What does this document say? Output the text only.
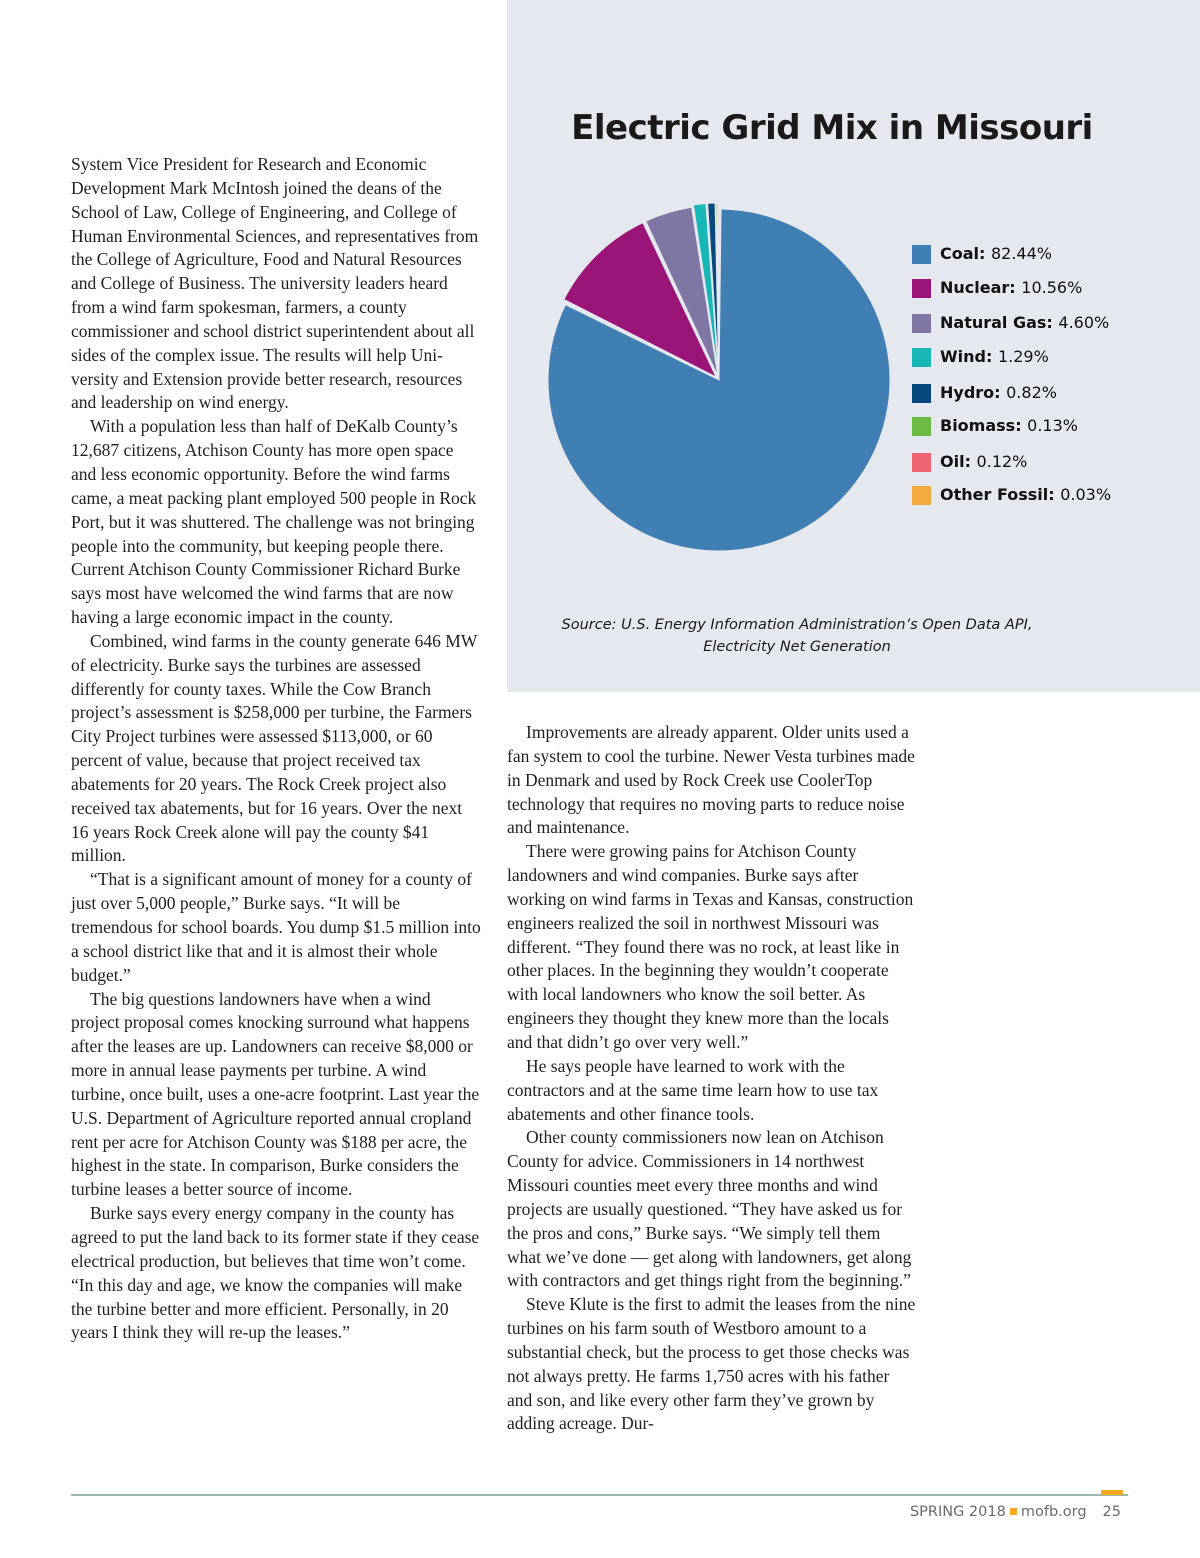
Electric Grid Mix in Missouri
Coal: 82.44%
Nuclear: 10.56%
Natural Gas: 4.60%
Wind: 1.29%
Hydro: 0.82%
Biomass: 0.13%
Oil: 0.12%
Other Fossil: 0.03%
Source: U.S. Energy Information Administration’s Open Data API,
Electricity Net Generation

System Vice President for Research and Economic Development Mark McIntosh joined the deans of the School of Law, College of Engineering, and College of Human Environmental Sciences, and representatives from the College of Agriculture, Food and Natural Resources and College of Business. The university leaders heard from a wind farm spokesman, farmers, a county commissioner and school district superintendent about all sides of the complex issue. The results will help University and Extension provide better research, resources and leadership on wind energy.

With a population less than half of DeKalb County’s 12,687 citizens, Atchison County has more open space and less economic opportunity. Before the wind farms came, a meat packing plant employed 500 people in Rock Port, but it was shuttered. The challenge was not bringing people into the community, but keeping people there. Current Atchison County Commissioner Richard Burke says most have welcomed the wind farms that are now having a large economic impact in the county.

Combined, wind farms in the county generate 646 MW of electricity. Burke says the turbines are assessed differently for county taxes. While the Cow Branch project’s assessment is $258,000 per turbine, the Farmers City Project turbines were assessed $113,000, or 60 percent of value, because that project received tax abatements for 20 years. The Rock Creek project also received tax abatements, but for 16 years. Over the next 16 years Rock Creek alone will pay the county $41 million.

“That is a significant amount of money for a county of just over 5,000 people,” Burke says. “It will be tremendous for school boards. You dump $1.5 million into a school district like that and it is almost their whole budget.”

The big questions landowners have when a wind project proposal comes knocking surround what happens after the leases are up. Landowners can receive $8,000 or more in annual lease payments per turbine. A wind turbine, once built, uses a one-acre footprint. Last year the U.S. Department of Agriculture reported annual cropland rent per acre for Atchison County was $188 per acre, the highest in the state. In comparison, Burke considers the turbine leases a better source of income.

Burke says every energy company in the county has agreed to put the land back to its former state if they cease electrical production, but believes that time won’t come. “In this day and age, we know the companies will make the turbine better and more efficient. Personally, in 20 years I think they will re-up the leases.”

Improvements are already apparent. Older units used a fan system to cool the turbine. Newer Vesta turbines made in Denmark and used by Rock Creek use CoolerTop technology that requires no moving parts to reduce noise and maintenance.

There were growing pains for Atchison County landowners and wind companies. Burke says after working on wind farms in Texas and Kansas, construction engineers realized the soil in northwest Missouri was different. “They found there was no rock, at least like in other places. In the beginning they wouldn’t cooperate with local landowners who know the soil better. As engineers they thought they knew more than the locals and that didn’t go over very well.”

He says people have learned to work with the contractors and at the same time learn how to use tax abatements and other finance tools.

Other county commissioners now lean on Atchison County for advice. Commissioners in 14 northwest Missouri counties meet every three months and wind projects are usually questioned. “They have asked us for the pros and cons,” Burke says. “We simply tell them what we’ve done — get along with landowners, get along with contractors and get things right from the beginning.”

Steve Klute is the first to admit the leases from the nine turbines on his farm south of Westboro amount to a substantial check, but the process to get those checks was not always pretty. He farms 1,750 acres with his father and son, and like every other farm they’ve grown by adding acreage. Dur-

SPRING 2018 mofb.org 25
